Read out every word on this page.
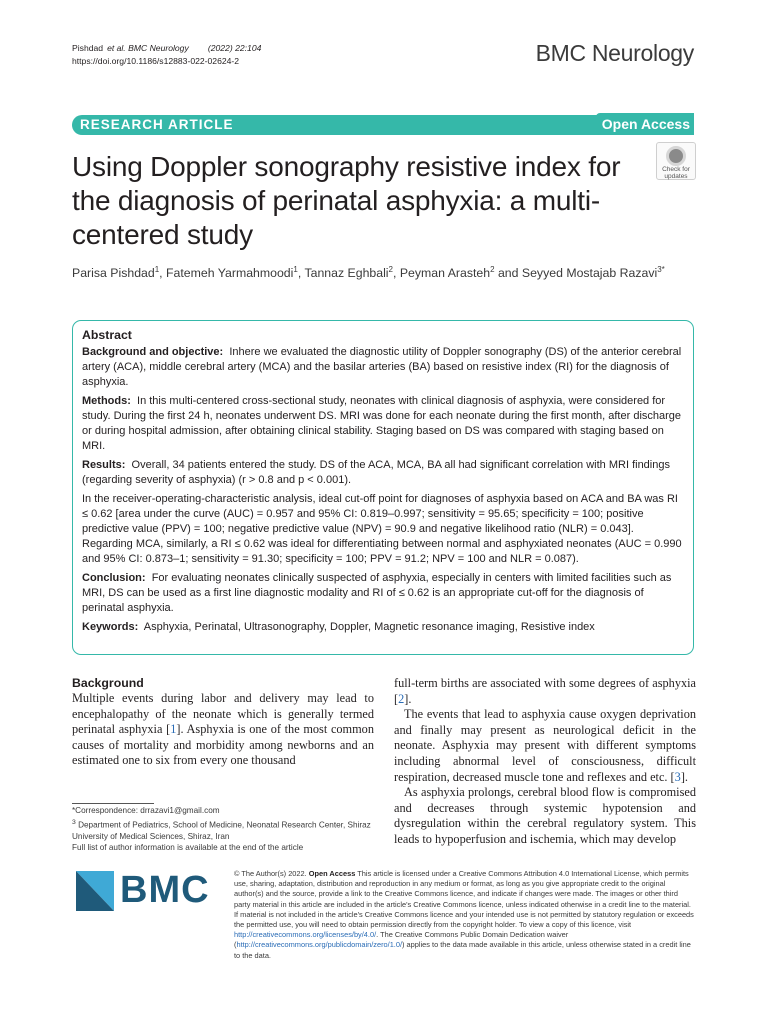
Pishdad et al. BMC Neurology (2022) 22:104
https://doi.org/10.1186/s12883-022-02624-2	BMC Neurology
RESEARCH ARTICLE	Open Access
Using Doppler sonography resistive index for the diagnosis of perinatal asphyxia: a multi-centered study
Check for
updates
Parisa Pishdad$^1$, Fatemeh Yarmahmoodi$^1$, Tannaz Eghbali$^2$, Peyman Arasteh$^2$ and Seyyed Mostajab Razavi$^{3*}$
Abstract

Background and objective: Inhere we evaluated the diagnostic utility of Doppler sonography (DS) of the anterior cerebral artery (ACA), middle cerebral artery (MCA) and the basilar arteries (BA) based on resistive index (RI) for the diagnosis of asphyxia.

Methods: In this multi-centered cross-sectional study, neonates with clinical diagnosis of asphyxia, were considered for study. During the first 24 h, neonates underwent DS. MRI was done for each neonate during the first month, after discharge or during hospital admission, after obtaining clinical stability. Staging based on DS was compared with staging based on MRI.

Results: Overall, 34 patients entered the study. DS of the ACA, MCA, BA all had significant correlation with MRI findings (regarding severity of asphyxia) (r > 0.8 and p < 0.001).

In the receiver-operating-characteristic analysis, ideal cut-off point for diagnoses of asphyxia based on ACA and BA was RI ≤ 0.62 [area under the curve (AUC) = 0.957 and 95% CI: 0.819–0.997; sensitivity = 95.65; specificity = 100; positive predictive value (PPV) = 100; negative predictive value (NPV) = 90.9 and negative likelihood ratio (NLR) = 0.043]. Regarding MCA, similarly, a RI ≤ 0.62 was ideal for differentiating between normal and asphyxiated neonates (AUC = 0.990 and 95% CI: 0.873–1; sensitivity = 91.30; specificity = 100; PPV = 91.2; NPV = 100 and NLR = 0.087).

Conclusion: For evaluating neonates clinically suspected of asphyxia, especially in centers with limited facilities such as MRI, DS can be used as a first line diagnostic modality and RI of ≤ 0.62 is an appropriate cut-off for the diagnosis of perinatal asphyxia.

Keywords: Asphyxia, Perinatal, Ultrasonography, Doppler, Magnetic resonance imaging, Resistive index

Background

Multiple events during labor and delivery may lead to encephalopathy of the neonate which is generally termed perinatal asphyxia [1]. Asphyxia is one of the most common causes of mortality and morbidity among newborns and an estimated one to six from every one thousand

full-term births are associated with some degrees of asphyxia [2].

The events that lead to asphyxia cause oxygen deprivation and finally may present as neurological deficit in the neonate. Asphyxia may present with different symptoms including abnormal level of consciousness, difficult respiration, decreased muscle tone and reflexes and etc. [3].

As asphyxia prolongs, cerebral blood flow is compromised and decreases through systemic hypotension and dysregulation within the cerebral regulatory system. This leads to hypoperfusion and ischemia, which may develop

*Correspondence: drrazavi1@gmail.com
$^3$ Department of Pediatrics, School of Medicine, Neonatal Research Center, Shiraz University of Medical Sciences, Shiraz, Iran
Full list of author information is available at the end of the article
BMC	© The Author(s) 2022. Open Access This article is licensed under a Creative Commons Attribution 4.0 International License, which permits use, sharing, adaptation, distribution and reproduction in any medium or format, as long as you give appropriate credit to the original author(s) and the source, provide a link to the Creative Commons licence, and indicate if changes were made. The images or other third party material in this article are included in the article's Creative Commons licence, unless indicated otherwise in a credit line to the material. If material is not included in the article's Creative Commons licence and your intended use is not permitted by statutory regulation or exceeds the permitted use, you will need to obtain permission directly from the copyright holder. To view a copy of this licence, visit http://creativecommons.org/licenses/by/4.0/. The Creative Commons Public Domain Dedication waiver (http://creativecommons.org/publicdomain/zero/1.0/) applies to the data made available in this article, unless otherwise stated in a credit line to the data.
